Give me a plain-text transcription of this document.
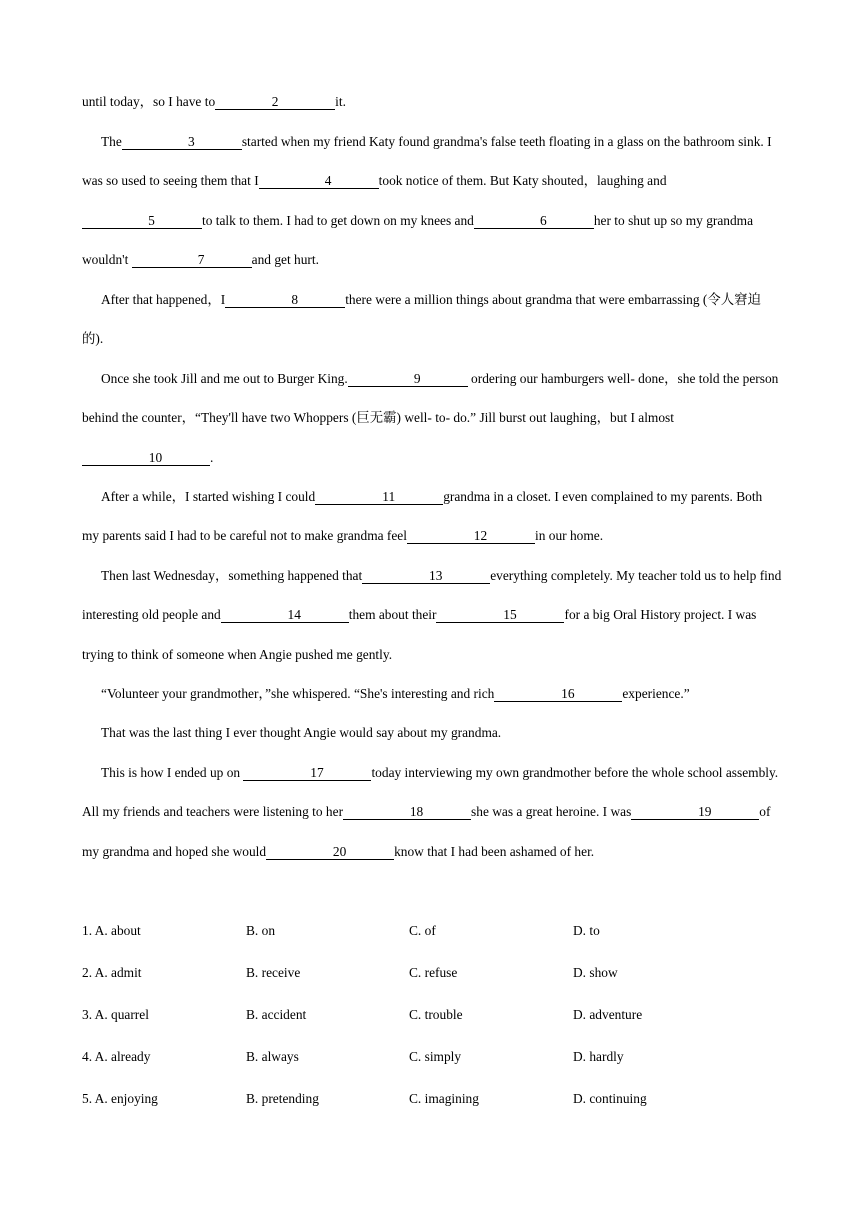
until today，so I have to	2	it.

The	3	started when my friend Katy found grandma's false teeth floating in a glass on the bathroom sink. I was so used to seeing them that I	4	took notice of them. But Katy shouted，laughing and 5	to talk to them. I had to get down on my knees and	6	her to shut up so my grandma wouldn't	7	and get hurt.

After that happened，I	8	there were a million things about grandma that were embarrassing (令人窘迫的).

Once she took Jill and me out to Burger King.	9	ordering our hamburgers well- done，she told the person behind the counter，“They'll have two Whoppers (巨无霸) well- to- do.” Jill burst out laughing，but I almost10	.

After a while，I started wishing I could	11	grandma in a closet. I even complained to my parents. Both my parents said I had to be careful not to make grandma feel	12	in our home.

Then last Wednesday，something happened that	13	everything completely. My teacher told us to help find interesting old people and	14	them about their	15	for a big Oral History project. I was trying to think of someone when Angie pushed me gently.

“Volunteer your grandmother，”she whispered. “She's interesting and rich	16	experience.”

That was the last thing I ever thought Angie would say about my grandma.

This is how I ended up on	17	today interviewing my own grandmother before the whole school assembly. All my friends and teachers were listening to her	18	she was a great heroine. I was	19	of my grandma and hoped she would	20	know that I had been ashamed of her.

1. A. about	B. on	C. of	D. to
2. A. admit	B. receive	C. refuse	D. show
3. A. quarrel	B. accident	C. trouble	D. adventure
4. A. already	B. always	C. simply	D. hardly
5. A. enjoying	B. pretending	C. imagining	D. continuing
